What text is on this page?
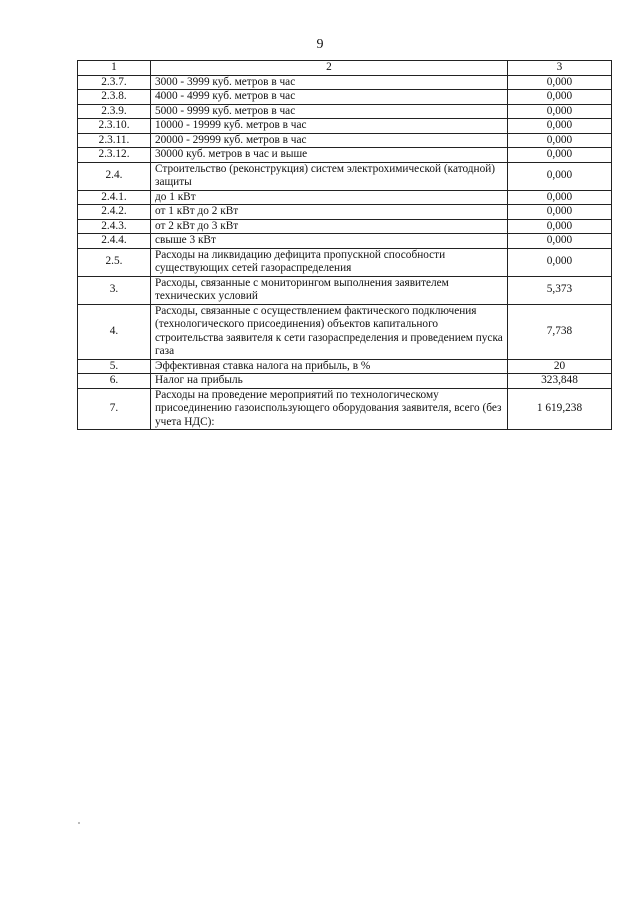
9
1	2	3
2.3.7.	3000 - 3999 куб. метров в час	0,000
2.3.8.	4000 - 4999 куб. метров в час	0,000
2.3.9.	5000 - 9999 куб. метров в час	0,000
2.3.10.	10000 - 19999 куб. метров в час	0,000
2.3.11.	20000 - 29999 куб. метров в час	0,000
2.3.12.	30000 куб. метров в час и выше	0,000
2.4.	Строительство (реконструкция) систем электрохимической (катодной) защиты	0,000
2.4.1.	до 1 кВт	0,000
2.4.2.	от 1 кВт до 2 кВт	0,000
2.4.3.	от 2 кВт до 3 кВт	0,000
2.4.4.	свыше 3 кВт	0,000
2.5.	Расходы на ликвидацию дефицита пропускной способности существующих сетей газораспределения	0,000
3.	Расходы, связанные с мониторингом выполнения заявителем технических условий	5,373
4.	Расходы, связанные с осуществлением фактического подключения (технологического присоединения) объектов капитального строительства заявителя к сети газораспределения и проведением пуска газа	7,738
5.	Эффективная ставка налога на прибыль, в %	20
6.	Налог на прибыль	323,848
7.	Расходы на проведение мероприятий по технологическому присоединению газоиспользующего оборудования заявителя, всего (без учета НДС):	1 619,238
